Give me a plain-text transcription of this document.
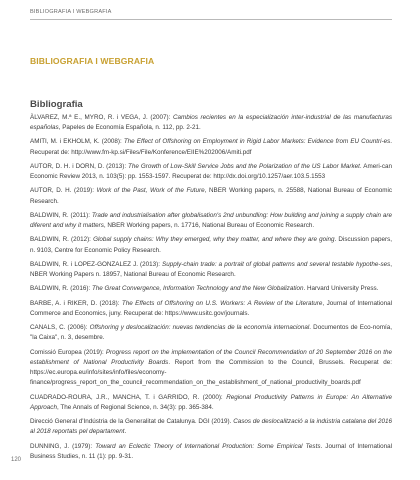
BIBLIOGRAFIA I WEBGRAFIA
BIBLIOGRAFIA I WEBGRAFIA
Bibliografia

ÀLVAREZ, M.ª E., MYRO, R. i VEGA, J. (2007): Cambios recientes en la especialización inter-industrial de las manufacturas españolas, Papeles de Economía Española, n. 112, pp. 2-21.

AMITI, M. i EKHOLM, K. (2008): The Effect of Offshoring on Employment in Rigid Labor Markets: Evidence from EU Countri-es. Recuperat de: http://www.fm-kp.si/Files/File/Konference/EIIE%202006/Amiti.pdf

AUTOR, D. H. i DORN, D. (2013): The Growth of Low-Skill Service Jobs and the Polarization of the US Labor Market. Ameri-can Economic Review 2013, n. 103(5): pp. 1553-1597. Recuperat de: http://dx.doi.org/10.1257/aer.103.5.1553

AUTOR, D. H. (2019): Work of the Past, Work of the Future, NBER Working papers, n. 25588, National Bureau of Economic Research.

BALDWIN, R. (2011): Trade and industrialisation after globalisation's 2nd unbundling: How building and joining a supply chain are diferent and why it matters, NBER Working papers, n. 17716, National Bureau of Economic Research.

BALDWIN, R. (2012): Global supply chains: Why they emerged, why they matter, and where they are going. Discussion papers, n. 9103, Centre for Economic Policy Research.

BALDWIN, R. i LOPEZ-GONZALEZ J. (2013): Supply-chain trade: a portrait of global patterns and several testable hypothe-ses, NBER Working Papers n. 18957, National Bureau of Economic Research.

BALDWIN, R. (2016): The Great Convergence, Information Technology and the New Globalization. Harvard University Press.

BARBE, A. i RIKER, D. (2018): The Effects of Offshoring on U.S. Workers: A Review of the Literature, Journal of International Commerce and Economics, juny. Recuperat de: https://www.usitc.gov/journals.

CANALS, C. (2006): Offshoring y deslocalización: nuevas tendencias de la economía internacional. Documentos de Eco-nomía, "la Caixa", n. 3, desembre.

Comissió Europea (2019): Progress report on the implementation of the Council Recommendation of 20 September 2016 on the establishment of National Productivity Boards. Report from the Commission to the Council, Brussels. Recuperat de: https://ec.europa.eu/info/sites/info/files/economy-finance/progress_report_on_the_council_recommendation_on_the_establishment_of_national_productivity_boards.pdf

CUADRADO-ROURA, J.R., MANCHA, T. i GARRIDO, R. (2000): Regional Productivity Patterns in Europe: An Alternative Approach, The Annals of Regional Science, n. 34(3): pp. 365-384.

Direcció General d'Indústria de la Generalitat de Catalunya. DGI (2019). Casos de deslocalització a la indústria catalana del 2016 al 2018 reportats pel departament.

DUNNING, J. (1979): Toward an Eclectic Theory of International Production: Some Empirical Tests. Journal of International Business Studies, n. 11 (1): pp. 9-31.

120
